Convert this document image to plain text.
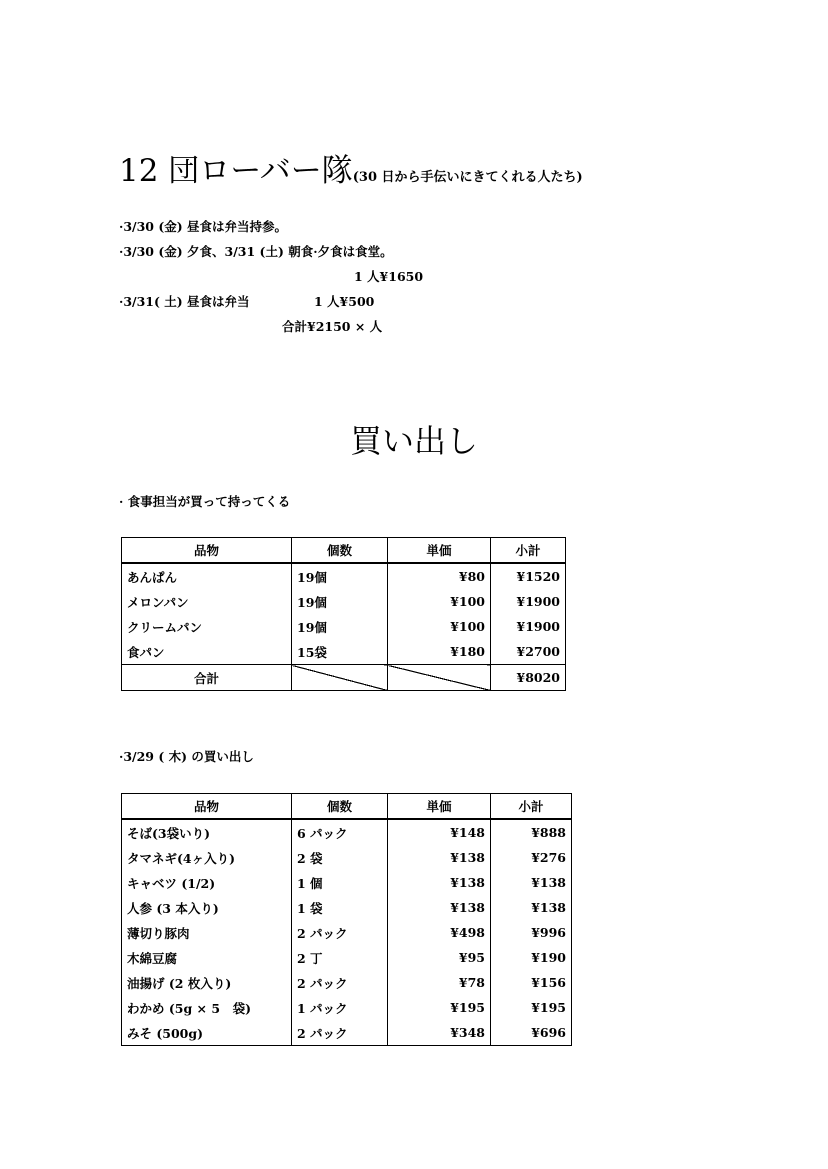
12 団ローバー隊(30 日から手伝いにきてくれる人たち)
·3/30 (金) 昼食は弁当持参。
·3/30 (金) 夕食、3/31 (土) 朝食·夕食は食堂。
1 人¥1650
·3/31( 土) 昼食は弁当	1 人¥500
合計¥2150 × 人
買い出し
· 食事担当が買って持ってくる
品物	個数	単価	小計
あんぱん	19個	¥80	¥1520
メロンパン	19個	¥100	¥1900
クリームパン	19個	¥100	¥1900
食パン	15袋	¥180	¥2700
合計			¥8020
·3/29 ( 木) の買い出し
品物	個数	単価	小計
そば(3袋いり)	6 パック	¥148	¥888
タマネギ(4ヶ入り)	2 袋	¥138	¥276
キャベツ (1/2)	1 個	¥138	¥138
人参 (3 本入り)	1 袋	¥138	¥138
薄切り豚肉	2 パック	¥498	¥996
木綿豆腐	2 丁	¥95	¥190
油揚げ (2 枚入り)	2 パック	¥78	¥156
わかめ (5g × 5　袋)	1 パック	¥195	¥195
みそ (500g)	2 パック	¥348	¥696
